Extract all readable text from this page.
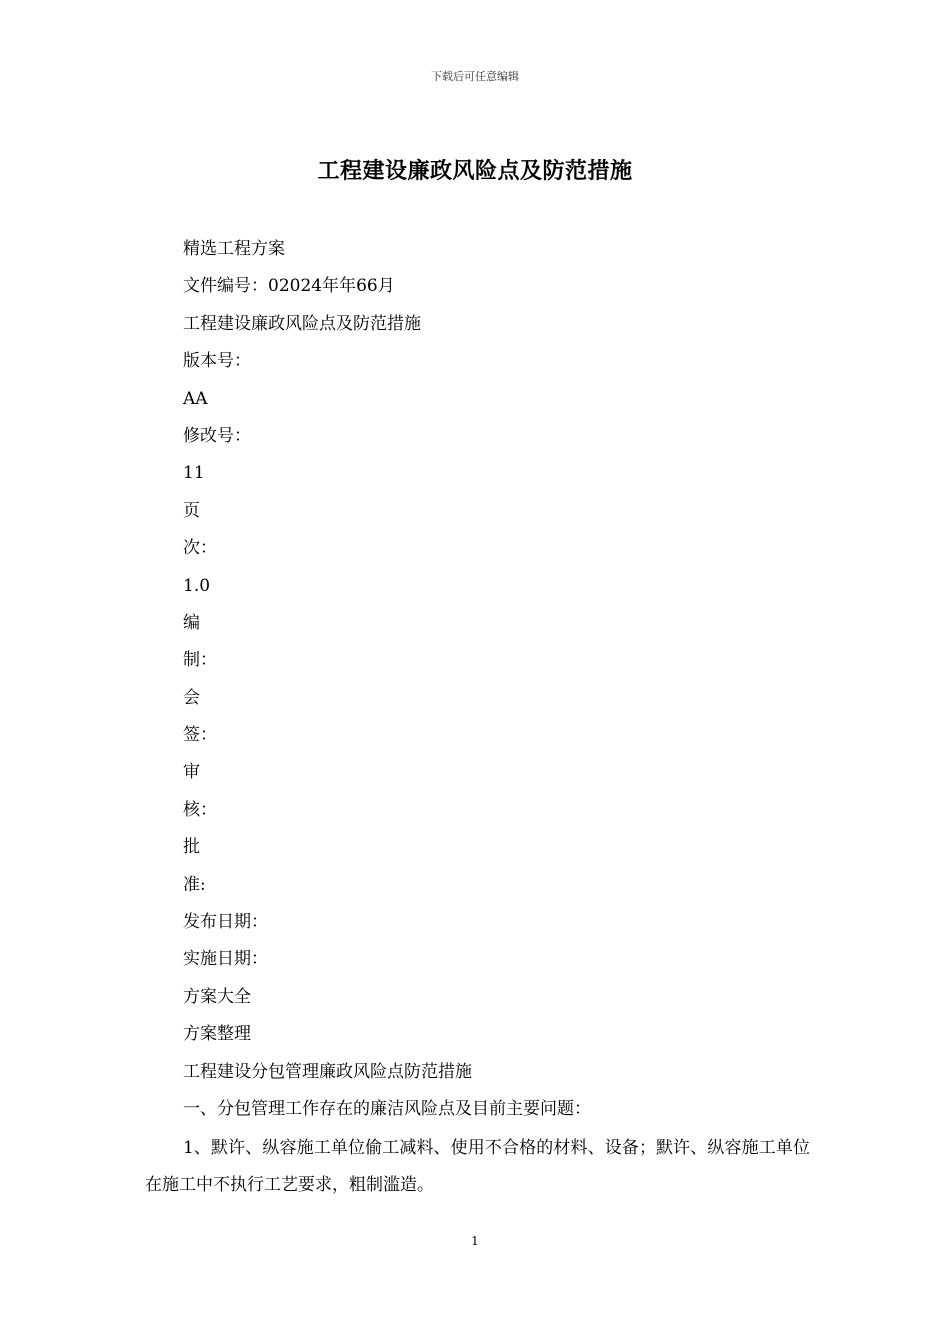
下载后可任意编辑
工程建设廉政风险点及防范措施
精选工程方案
文件编号：02024年年66月
工程建设廉政风险点及防范措施
版本号：
AA
修改号：
11
页
次：
1.0
编
制：
会
签：
审
核：
批
准:
发布日期：
实施日期：
方案大全
方案整理
工程建设分包管理廉政风险点防范措施
一、分包管理工作存在的廉洁风险点及目前主要问题：

1、默许、纵容施工单位偷工减料、使用不合格的材料、设备；默许、纵容施工单位在施工中不执行工艺要求，粗制滥造。

1
